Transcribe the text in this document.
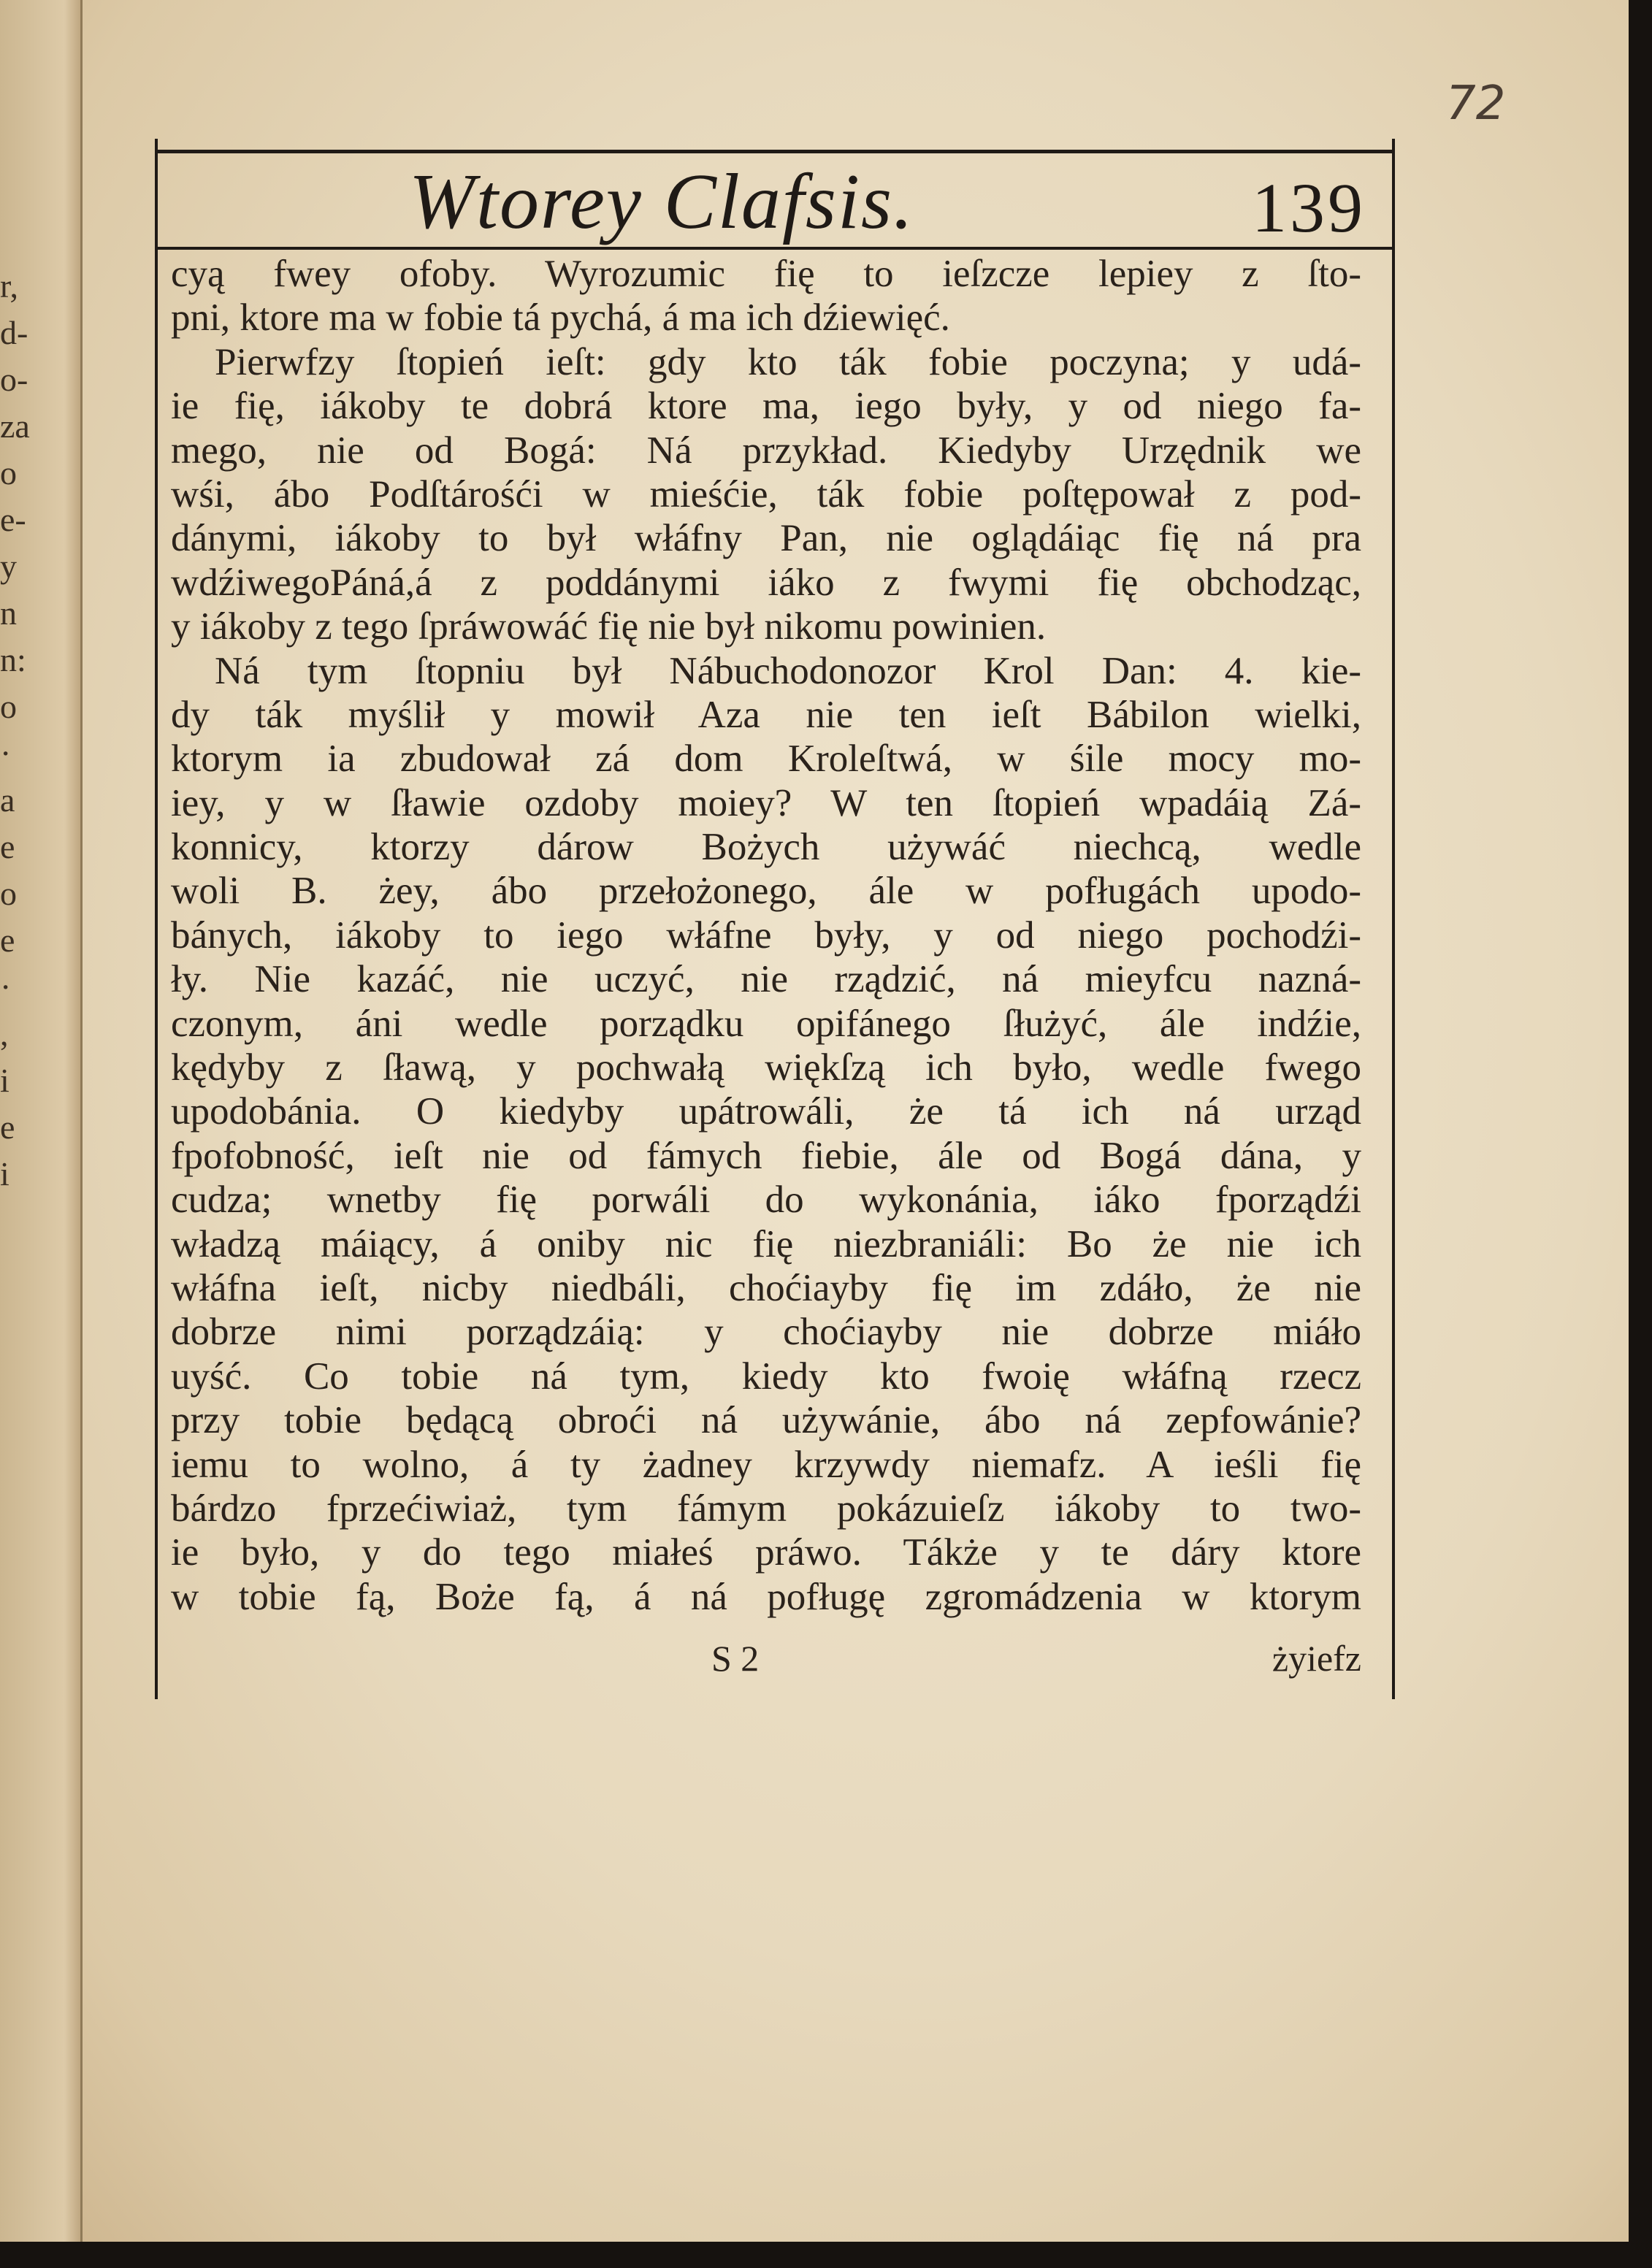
r,
d-
o-
za
o
e-
y
n
n:
o
·
a
e
o
e
·
,
i
e
i
72
Wtorey Clafsis.	139
cyą fwey ofoby. Wyrozumic fię to ieſzcze lepiey z ſto-
pni, ktore ma w fobie tá pychá, á ma ich dźiewięć.
Pierwfzy ſtopień ieſt: gdy kto ták fobie poczyna; y udá-
ie fię, iákoby te dobrá ktore ma, iego były, y od niego fa-
mego, nie od Bogá: Ná przykład. Kiedyby Urzędnik we
wśi, ábo Podſtárośći w mieśćie, ták fobie poſtępował z pod-
dánymi, iákoby to był włáfny Pan, nie oglądáiąc fię ná pra
wdźiwegoPáná,á z poddánymi iáko z fwymi fię obchodząc,
y iákoby z tego ſpráwowáć fię nie był nikomu powinien.
Ná tym ſtopniu był Nábuchodonozor Krol Dan: 4. kie-
dy ták myślił y mowił Aza nie ten ieſt Bábilon wielki,
ktorym ia zbudował zá dom Kroleſtwá, w śile mocy mo-
iey, y w ſławie ozdoby moiey? W ten ſtopień wpadáią Zá-
konnicy, ktorzy dárow Bożych używáć niechcą, wedle
woli B. żey, ábo przełożonego, ále w pofługách upodo-
bánych, iákoby to iego włáfne były, y od niego pochodźi-
ły. Nie kazáć, nie uczyć, nie rządzić, ná mieyfcu nazná-
czonym, áni wedle porządku opifánego ſłużyć, ále indźie,
kędyby z ſławą, y pochwałą więkſzą ich było, wedle fwego
upodobánia. O kiedyby upátrowáli, że tá ich ná urząd
fpofobność, ieſt nie od fámych fiebie, ále od Bogá dána, y
cudza; wnetby fię porwáli do wykonánia, iáko fporządźi
władzą máiący, á oniby nic fię niezbraniáli: Bo że nie ich
włáfna ieſt, nicby niedbáli, choćiayby fię im zdáło, że nie
dobrze nimi porządzáią: y choćiayby nie dobrze miáło
uyść. Co tobie ná tym, kiedy kto fwoię włáfną rzecz
przy tobie będącą obroći ná używánie, ábo ná zepfowánie?
iemu to wolno, á ty żadney krzywdy niemafz. A ieśli fię
bárdzo fprzećiwiaż, tym fámym pokázuieſz iákoby to two-
ie było, y do tego miałeś práwo. Tákże y te dáry ktore
w tobie fą, Boże fą, á ná pofługę zgromádzenia w ktorym
S 2	żyiefz
